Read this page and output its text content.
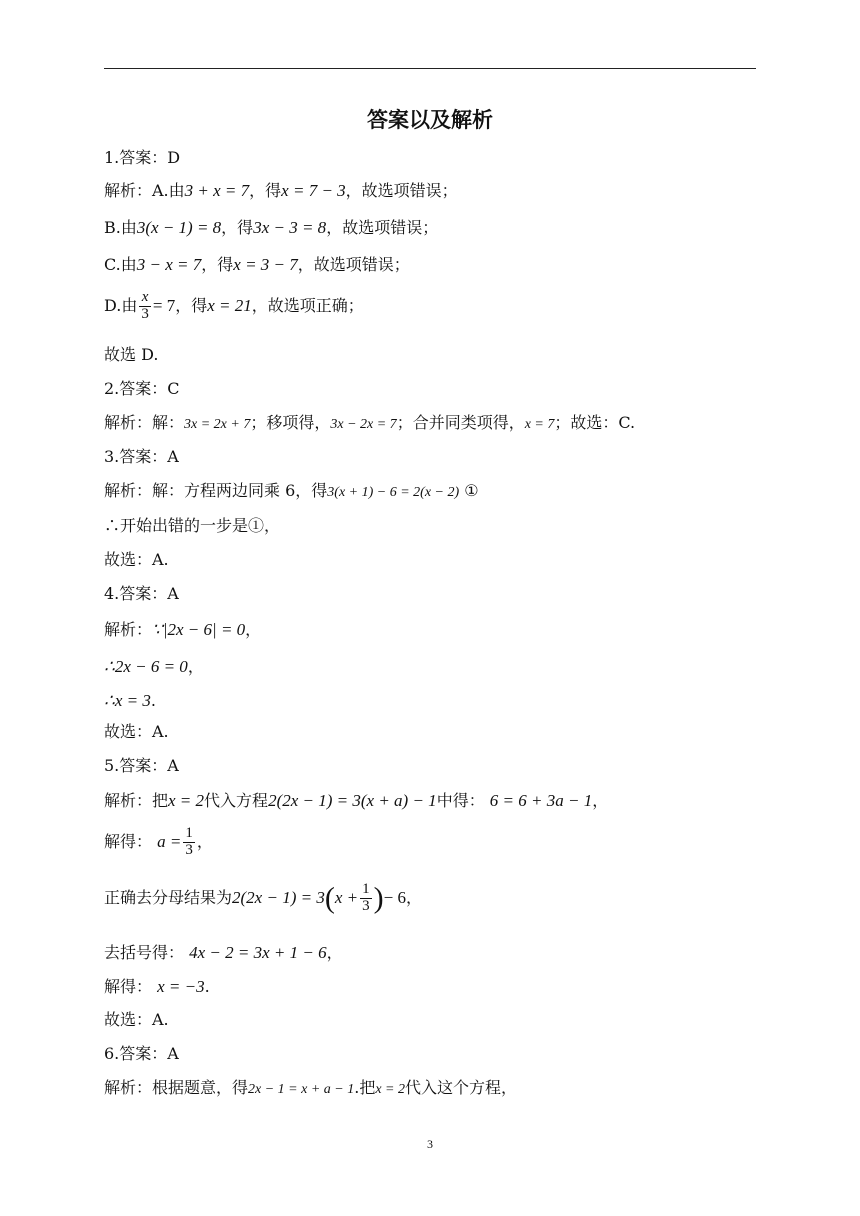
答案以及解析
1.答案：D
解析：A.由3 + x = 7，得x = 7 − 3，故选项错误；
B.由3(x − 1) = 8，得3x − 3 = 8，故选项错误；
C.由3 − x = 7，得x = 3 − 7，故选项错误；
D.由 $\frac{x}{3} = 7$，得x = 21，故选项正确；
故选 D.
2.答案：C
解析：解：3x = 2x + 7；移项得，3x − 2x = 7；合并同类项得，x = 7；故选：C.
3.答案：A
解析：解：方程两边同乘 6，得3(x + 1) − 6 = 2(x − 2) ①
∴开始出错的一步是①，
故选：A.
4.答案：A
解析：∵|2x − 6| = 0，
∴2x − 6 = 0，
∴x = 3.
故选：A.
5.答案：A
解析：把x = 2代入方程2(2x − 1) = 3(x + a) − 1中得： 6 = 6 + 3a − 1，
解得： $a = \frac{1}{3}$ ，
正确去分母结果为$2(2x - 1) = 3(x + \frac{1}{3}$ )− 6，
去括号得： 4x − 2 = 3x + 1 − 6，
解得： x = −3.
故选：A.
6.答案：A
解析：根据题意，得2x − 1 = x + a − 1.把x = 2代入这个方程，
3
